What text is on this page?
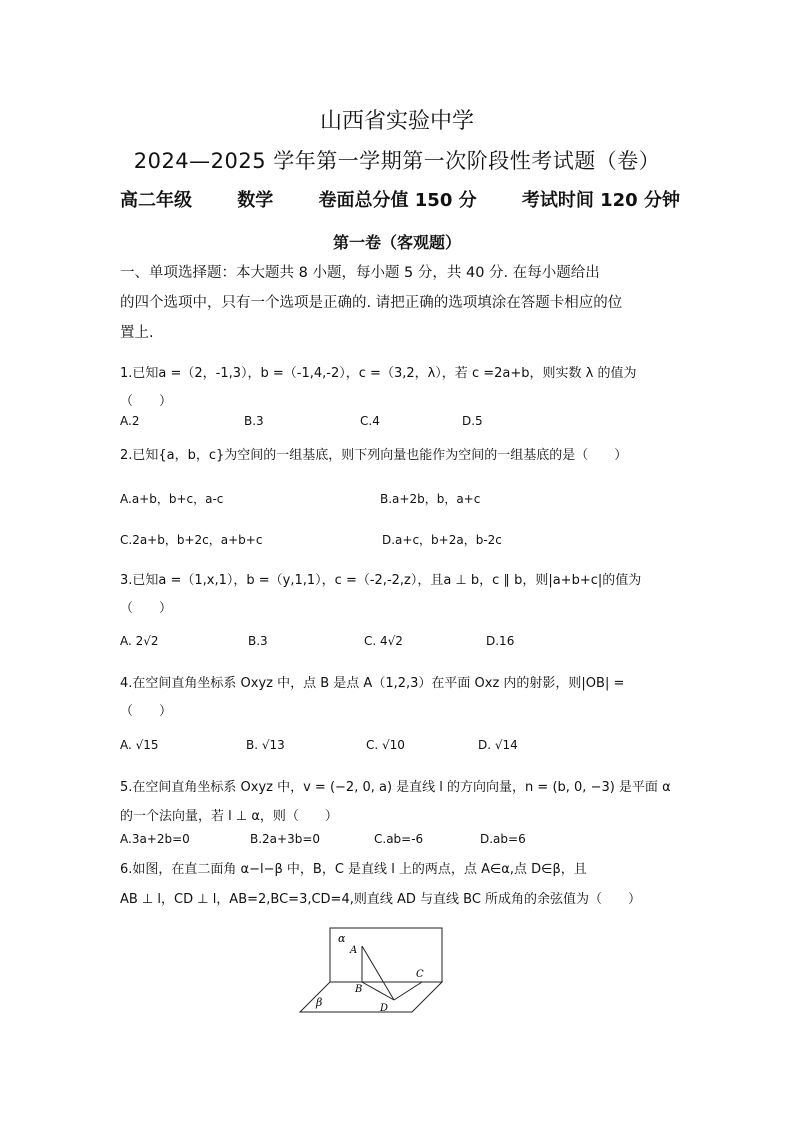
山西省实验中学
2024—2025 学年第一学期第一次阶段性考试题（卷）
高二年级	数学	卷面总分值 150 分	考试时间 120 分钟
第一卷（客观题）
一、单项选择题：本大题共 8 小题，每小题 5 分，共 40 分. 在每小题给出
的四个选项中，只有一个选项是正确的. 请把正确的选项填涂在答题卡相应的位
置上.
1.已知a =（2，-1,3），b =（-1,4,-2），c =（3,2，λ），若 c =2a+b，则实数 λ 的值为
（　　）
A.2	B.3	C.4	D.5
2.已知{a，b，c}为空间的一组基底，则下列向量也能作为空间的一组基底的是（　　）
A.a+b，b+c，a-c	B.a+2b，b，a+c
C.2a+b，b+2c，a+b+c	D.a+c，b+2a，b-2c
3.已知a =（1,x,1），b =（y,1,1），c =（-2,-2,z），且a ⊥ b，c ∥ b，则|a+b+c|的值为
（　　）
A. 2√2	B.3	C. 4√2	D.16
4.在空间直角坐标系 Oxyz 中，点 B 是点 A（1,2,3）在平面 Oxz 内的射影，则|OB| =
（　　）
A. √15	B. √13	C. √10	D. √14
5.在空间直角坐标系 Oxyz 中，v = (−2, 0, a) 是直线 l 的方向向量，n = (b, 0, −3) 是平面 α
的一个法向量，若 l ⊥ α，则（　　）
A.3a+2b=0	B.2a+3b=0	C.ab=-6	D.ab=6
6.如图，在直二面角 α−l−β 中，B，C 是直线 l 上的两点，点 A∈α,点 D∈β，且
AB ⊥ l，CD ⊥ l，AB=2,BC=3,CD=4,则直线 AD 与直线 BC 所成角的余弦值为（　　）
α
A
B
C
D
β
